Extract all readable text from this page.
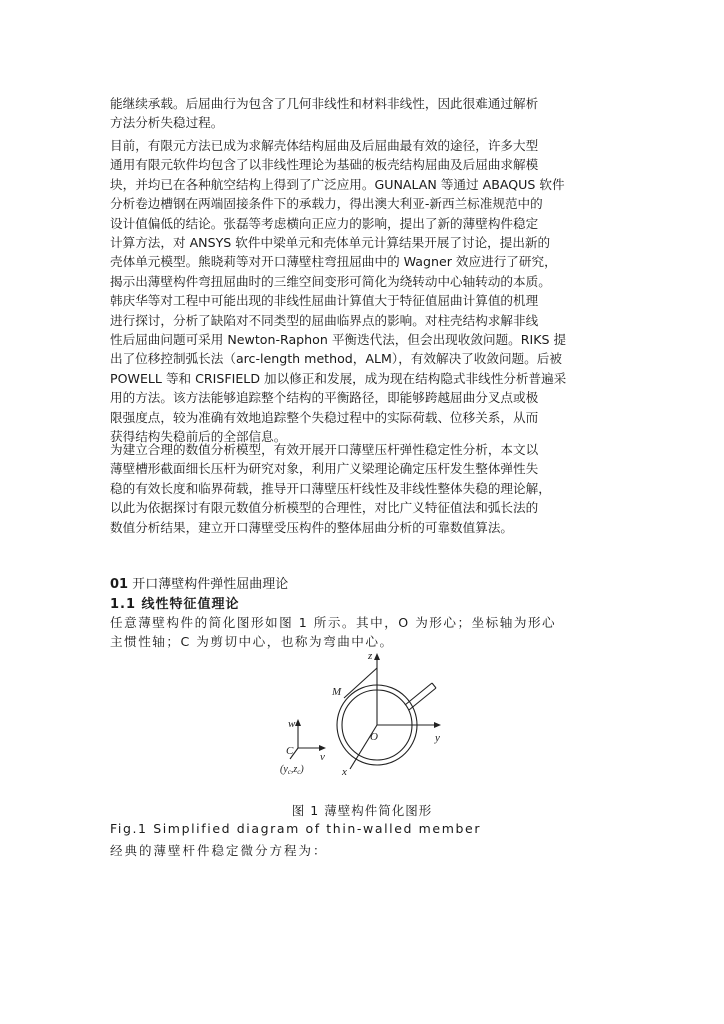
能继续承载。后屈曲行为包含了几何非线性和材料非线性，因此很难通过解析
方法分析失稳过程。
目前，有限元方法已成为求解壳体结构屈曲及后屈曲最有效的途径，许多大型
通用有限元软件均包含了以非线性理论为基础的板壳结构屈曲及后屈曲求解模
块，并均已在各种航空结构上得到了广泛应用。GUNALAN 等通过 ABAQUS 软件
分析卷边槽钢在两端固接条件下的承载力，得出澳大利亚-新西兰标准规范中的
设计值偏低的结论。张磊等考虑横向正应力的影响，提出了新的薄壁构件稳定
计算方法，对 ANSYS 软件中梁单元和壳体单元计算结果开展了讨论，提出新的
壳体单元模型。熊晓莉等对开口薄壁柱弯扭屈曲中的 Wagner 效应进行了研究，
揭示出薄壁构件弯扭屈曲时的三维空间变形可简化为绕转动中心轴转动的本质。
韩庆华等对工程中可能出现的非线性屈曲计算值大于特征值屈曲计算值的机理
进行探讨，分析了缺陷对不同类型的屈曲临界点的影响。对柱壳结构求解非线
性后屈曲问题可采用 Newton-Raphon 平衡迭代法，但会出现收敛问题。RIKS 提
出了位移控制弧长法（arc-length method，ALM），有效解决了收敛问题。后被
POWELL 等和 CRISFIELD 加以修正和发展，成为现在结构隐式非线性分析普遍采
用的方法。该方法能够追踪整个结构的平衡路径，即能够跨越屈曲分叉点或极
限强度点，较为准确有效地追踪整个失稳过程中的实际荷载、位移关系，从而
获得结构失稳前后的全部信息。
为建立合理的数值分析模型，有效开展开口薄壁压杆弹性稳定性分析，本文以
薄壁槽形截面细长压杆为研究对象，利用广义梁理论确定压杆发生整体弹性失
稳的有效长度和临界荷载，推导开口薄壁压杆线性及非线性整体失稳的理论解，
以此为依据探讨有限元数值分析模型的合理性，对比广义特征值法和弧长法的
数值分析结果，建立开口薄壁受压构件的整体屈曲分析的可靠数值算法。

01 开口薄壁构件弹性屈曲理论

1.1 线性特征值理论

任意薄壁构件的简化图形如图 1 所示。其中，O 为形心；坐标轴为形心
主惯性轴；C 为剪切中心，也称为弯曲中心。
z
M
w
C v
O	y
x
$(y_c,z_c)$

图 1 薄壁构件简化图形

Fig.1 Simplified diagram of thin-walled member

经典的薄壁杆件稳定微分方程为：
